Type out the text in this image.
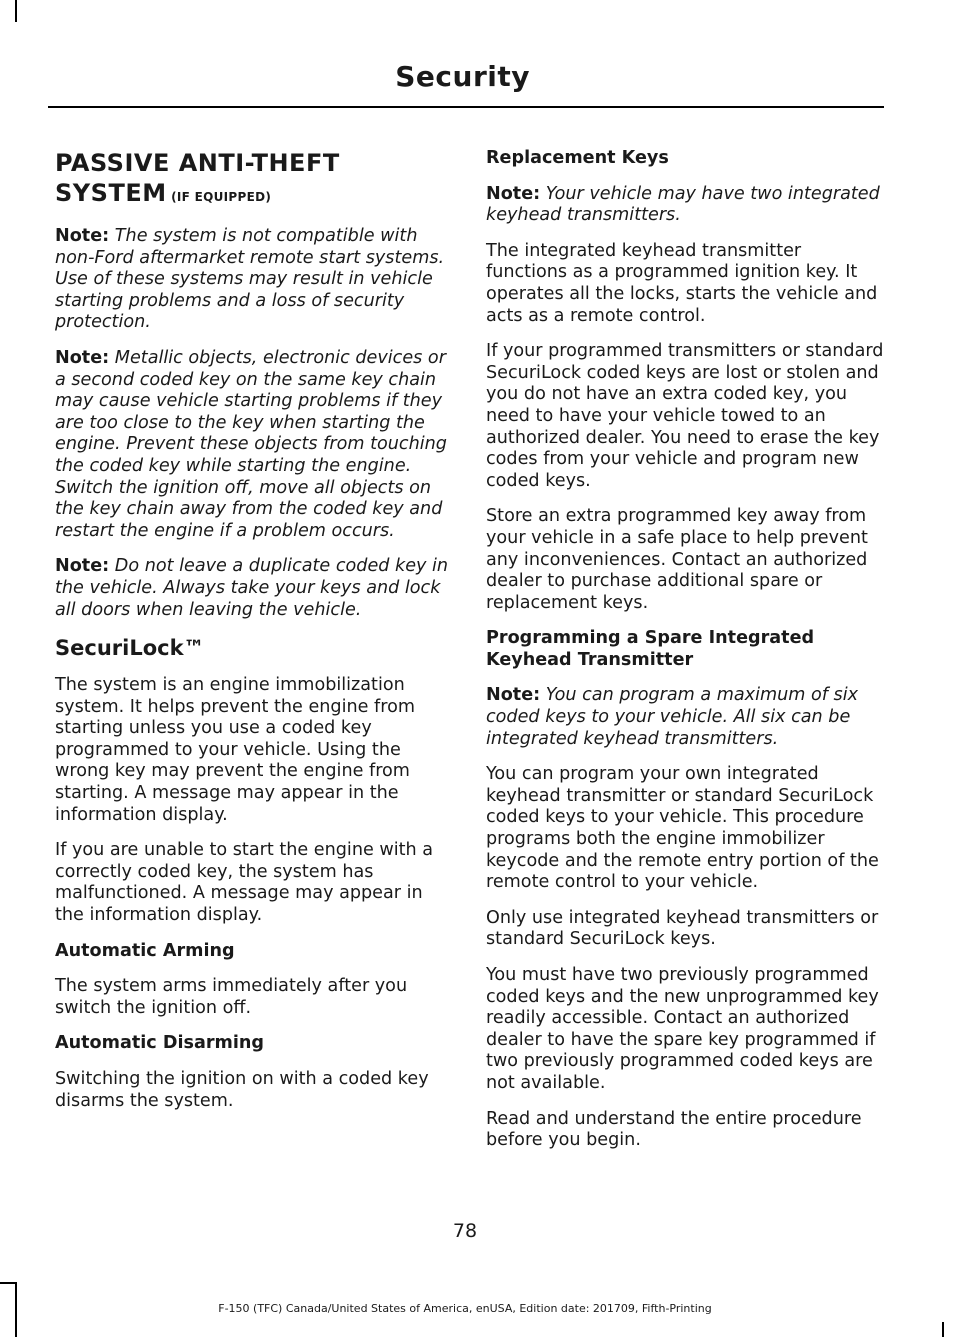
Security
PASSIVE ANTI-THEFT SYSTEM (IF EQUIPPED)

Note: The system is not compatible with non-Ford aftermarket remote start systems. Use of these systems may result in vehicle starting problems and a loss of security protection.

Note: Metallic objects, electronic devices or a second coded key on the same key chain may cause vehicle starting problems if they are too close to the key when starting the engine. Prevent these objects from touching the coded key while starting the engine. Switch the ignition off, move all objects on the key chain away from the coded key and restart the engine if a problem occurs.

Note: Do not leave a duplicate coded key in the vehicle. Always take your keys and lock all doors when leaving the vehicle.

SecuriLock™

The system is an engine immobilization system. It helps prevent the engine from starting unless you use a coded key programmed to your vehicle. Using the wrong key may prevent the engine from starting. A message may appear in the information display.

If you are unable to start the engine with a correctly coded key, the system has malfunctioned. A message may appear in the information display.

Automatic Arming

The system arms immediately after you switch the ignition off.

Automatic Disarming

Switching the ignition on with a coded key disarms the system.

Replacement Keys

Note: Your vehicle may have two integrated keyhead transmitters.

The integrated keyhead transmitter functions as a programmed ignition key. It operates all the locks, starts the vehicle and acts as a remote control.

If your programmed transmitters or standard SecuriLock coded keys are lost or stolen and you do not have an extra coded key, you need to have your vehicle towed to an authorized dealer. You need to erase the key codes from your vehicle and program new coded keys.

Store an extra programmed key away from your vehicle in a safe place to help prevent any inconveniences. Contact an authorized dealer to purchase additional spare or replacement keys.

Programming a Spare Integrated Keyhead Transmitter

Note: You can program a maximum of six coded keys to your vehicle. All six can be integrated keyhead transmitters.

You can program your own integrated keyhead transmitter or standard SecuriLock coded keys to your vehicle. This procedure programs both the engine immobilizer keycode and the remote entry portion of the remote control to your vehicle.

Only use integrated keyhead transmitters or standard SecuriLock keys.

You must have two previously programmed coded keys and the new unprogrammed key readily accessible. Contact an authorized dealer to have the spare key programmed if two previously programmed coded keys are not available.

Read and understand the entire procedure before you begin.

78
F-150 (TFC) Canada/United States of America, enUSA, Edition date: 201709, Fifth-Printing
